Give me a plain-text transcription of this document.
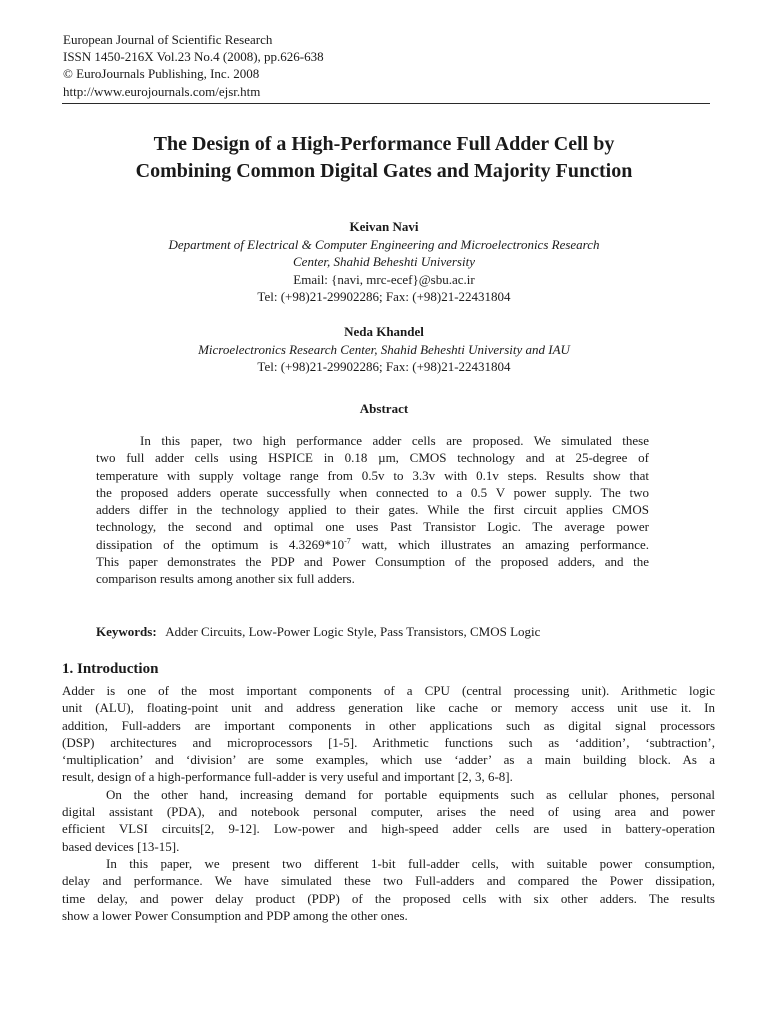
European Journal of Scientific Research
ISSN 1450-216X Vol.23 No.4 (2008), pp.626-638
© EuroJournals Publishing, Inc. 2008
http://www.eurojournals.com/ejsr.htm
The Design of a High-Performance Full Adder Cell by
Combining Common Digital Gates and Majority Function
Keivan Navi
Department of Electrical & Computer Engineering and Microelectronics Research
Center, Shahid Beheshti University
Email: {navi, mrc-ecef}@sbu.ac.ir
Tel: (+98)21-29902286; Fax: (+98)21-22431804
Neda Khandel
Microelectronics Research Center, Shahid Beheshti University and IAU
Tel: (+98)21-29902286; Fax: (+98)21-22431804
Abstract
In this paper, two high performance adder cells are proposed. We simulated these
two full adder cells using HSPICE in 0.18 µm, CMOS technology and at 25-degree of
temperature with supply voltage range from 0.5v to 3.3v with 0.1v steps. Results show that
the proposed adders operate successfully when connected to a 0.5 V power supply. The two
adders differ in the technology applied to their gates. While the first circuit applies CMOS
technology, the second and optimal one uses Past Transistor Logic. The average power
dissipation of the optimum is $4.3269*10^{-7}$ watt, which illustrates an amazing performance.
This paper demonstrates the PDP and Power Consumption of the proposed adders, and the
comparison results among another six full adders.
Keywords: Adder Circuits, Low-Power Logic Style, Pass Transistors, CMOS Logic
1. Introduction
Adder is one of the most important components of a CPU (central processing unit). Arithmetic logic
unit (ALU), floating-point unit and address generation like cache or memory access unit use it. In
addition, Full-adders are important components in other applications such as digital signal processors
(DSP) architectures and microprocessors [1-5]. Arithmetic functions such as ‘addition’, ‘subtraction’,
‘multiplication’ and ‘division’ are some examples, which use ‘adder’ as a main building block. As a
result, design of a high-performance full-adder is very useful and important [2, 3, 6-8].
On the other hand, increasing demand for portable equipments such as cellular phones, personal
digital assistant (PDA), and notebook personal computer, arises the need of using area and power
efficient VLSI circuits[2, 9-12]. Low-power and high-speed adder cells are used in battery-operation
based devices [13-15].
In this paper, we present two different 1-bit full-adder cells, with suitable power consumption,
delay and performance. We have simulated these two Full-adders and compared the Power dissipation,
time delay, and power delay product (PDP) of the proposed cells with six other adders. The results
show a lower Power Consumption and PDP among the other ones.
